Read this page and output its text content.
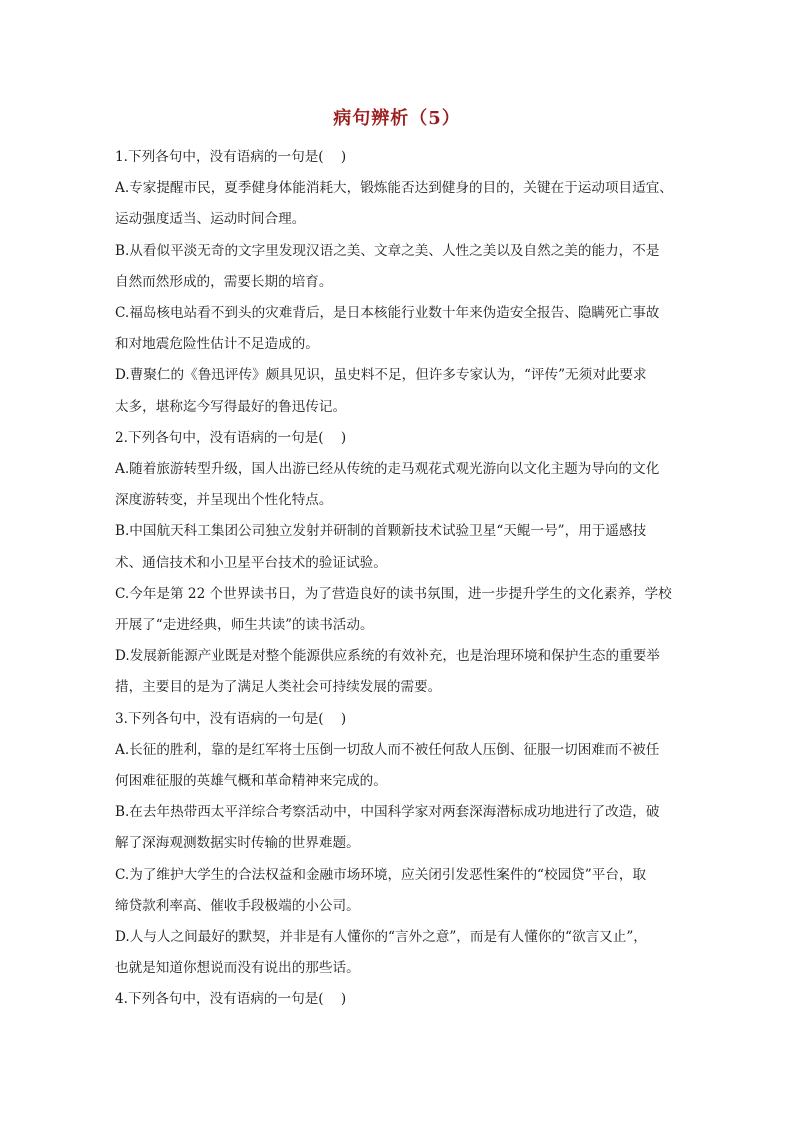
病句辨析（5）

1.下列各句中，没有语病的一句是(    )

A.专家提醒市民，夏季健身体能消耗大，锻炼能否达到健身的目的，关键在于运动项目适宜、

运动强度适当、运动时间合理。

B.从看似平淡无奇的文字里发现汉语之美、文章之美、人性之美以及自然之美的能力，不是

自然而然形成的，需要长期的培育。

C.福岛核电站看不到头的灾难背后，是日本核能行业数十年来伪造安全报告、隐瞒死亡事故

和对地震危险性估计不足造成的。

D.曹聚仁的《鲁迅评传》颇具见识，虽史料不足，但许多专家认为，“评传”无须对此要求

太多，堪称迄今写得最好的鲁迅传记。

2.下列各句中，没有语病的一句是(    )

A.随着旅游转型升级，国人出游已经从传统的走马观花式观光游向以文化主题为导向的文化

深度游转变，并呈现出个性化特点。

B.中国航天科工集团公司独立发射并研制的首颗新技术试验卫星“天鲲一号”，用于遥感技

术、通信技术和小卫星平台技术的验证试验。

C.今年是第 22 个世界读书日，为了营造良好的读书氛围，进一步提升学生的文化素养，学校

开展了“走进经典，师生共读”的读书活动。

D.发展新能源产业既是对整个能源供应系统的有效补充，也是治理环境和保护生态的重要举

措，主要目的是为了满足人类社会可持续发展的需要。

3.下列各句中，没有语病的一句是(    )

A.长征的胜利，靠的是红军将士压倒一切敌人而不被任何敌人压倒、征服一切困难而不被任

何困难征服的英雄气概和革命精神来完成的。

B.在去年热带西太平洋综合考察活动中，中国科学家对两套深海潜标成功地进行了改造，破

解了深海观测数据实时传输的世界难题。

C.为了维护大学生的合法权益和金融市场环境，应关闭引发恶性案件的“校园贷”平台，取

缔贷款利率高、催收手段极端的小公司。

D.人与人之间最好的默契，并非是有人懂你的“言外之意”，而是有人懂你的“欲言又止”，

也就是知道你想说而没有说出的那些话。

4.下列各句中，没有语病的一句是(    )
